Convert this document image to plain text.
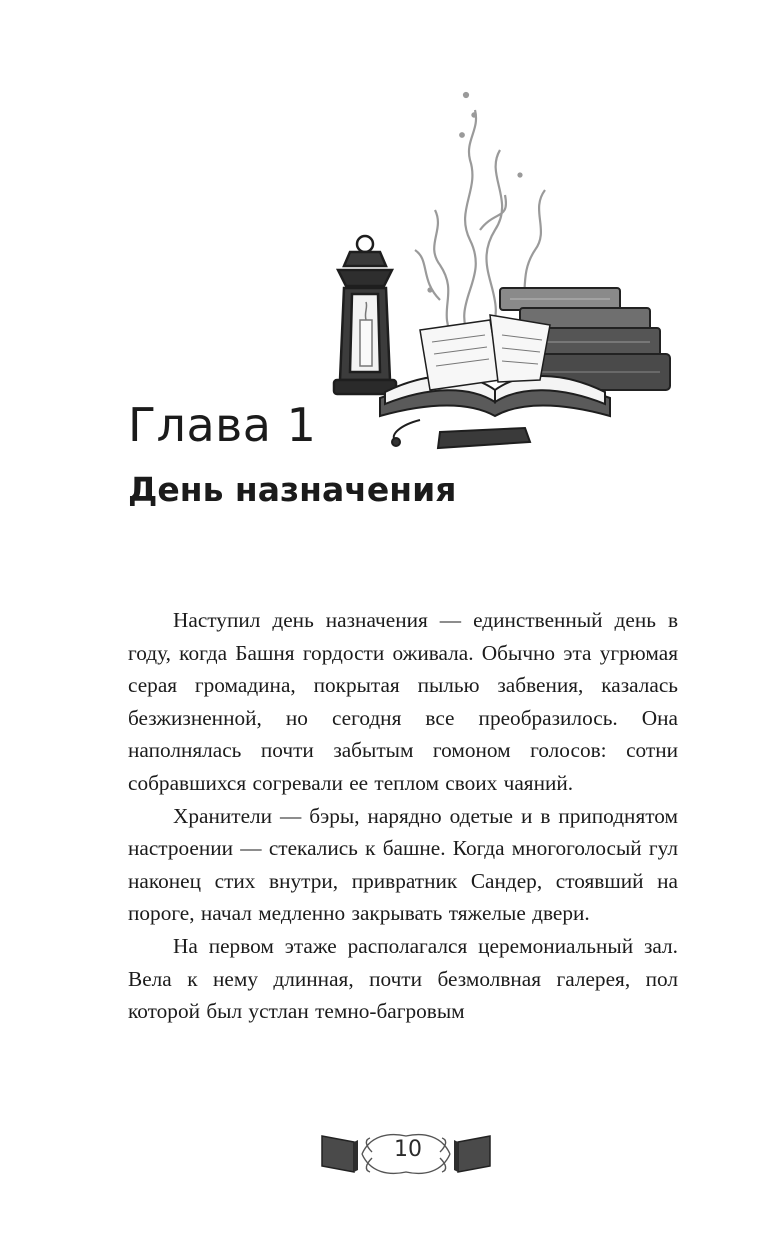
Глава 1
День назначения

Наступил день назначения — единственный день в году, когда Башня гордости оживала. Обычно эта угрюмая серая громадина, покрытая пылью забвения, казалась безжизненной, но сегодня все преобразилось. Она наполнялась почти забытым гомоном голосов: сотни собравшихся согревали ее теплом своих чаяний.

Хранители — бэры, нарядно одетые и в приподнятом настроении — стекались к башне. Когда многоголосый гул наконец стих внутри, привратник Сандер, стоявший на пороге, начал медленно закрывать тяжелые двери.

На первом этаже располагался церемониальный зал. Вела к нему длинная, почти безмолвная галерея, пол которой был устлан темно-багровым

10
